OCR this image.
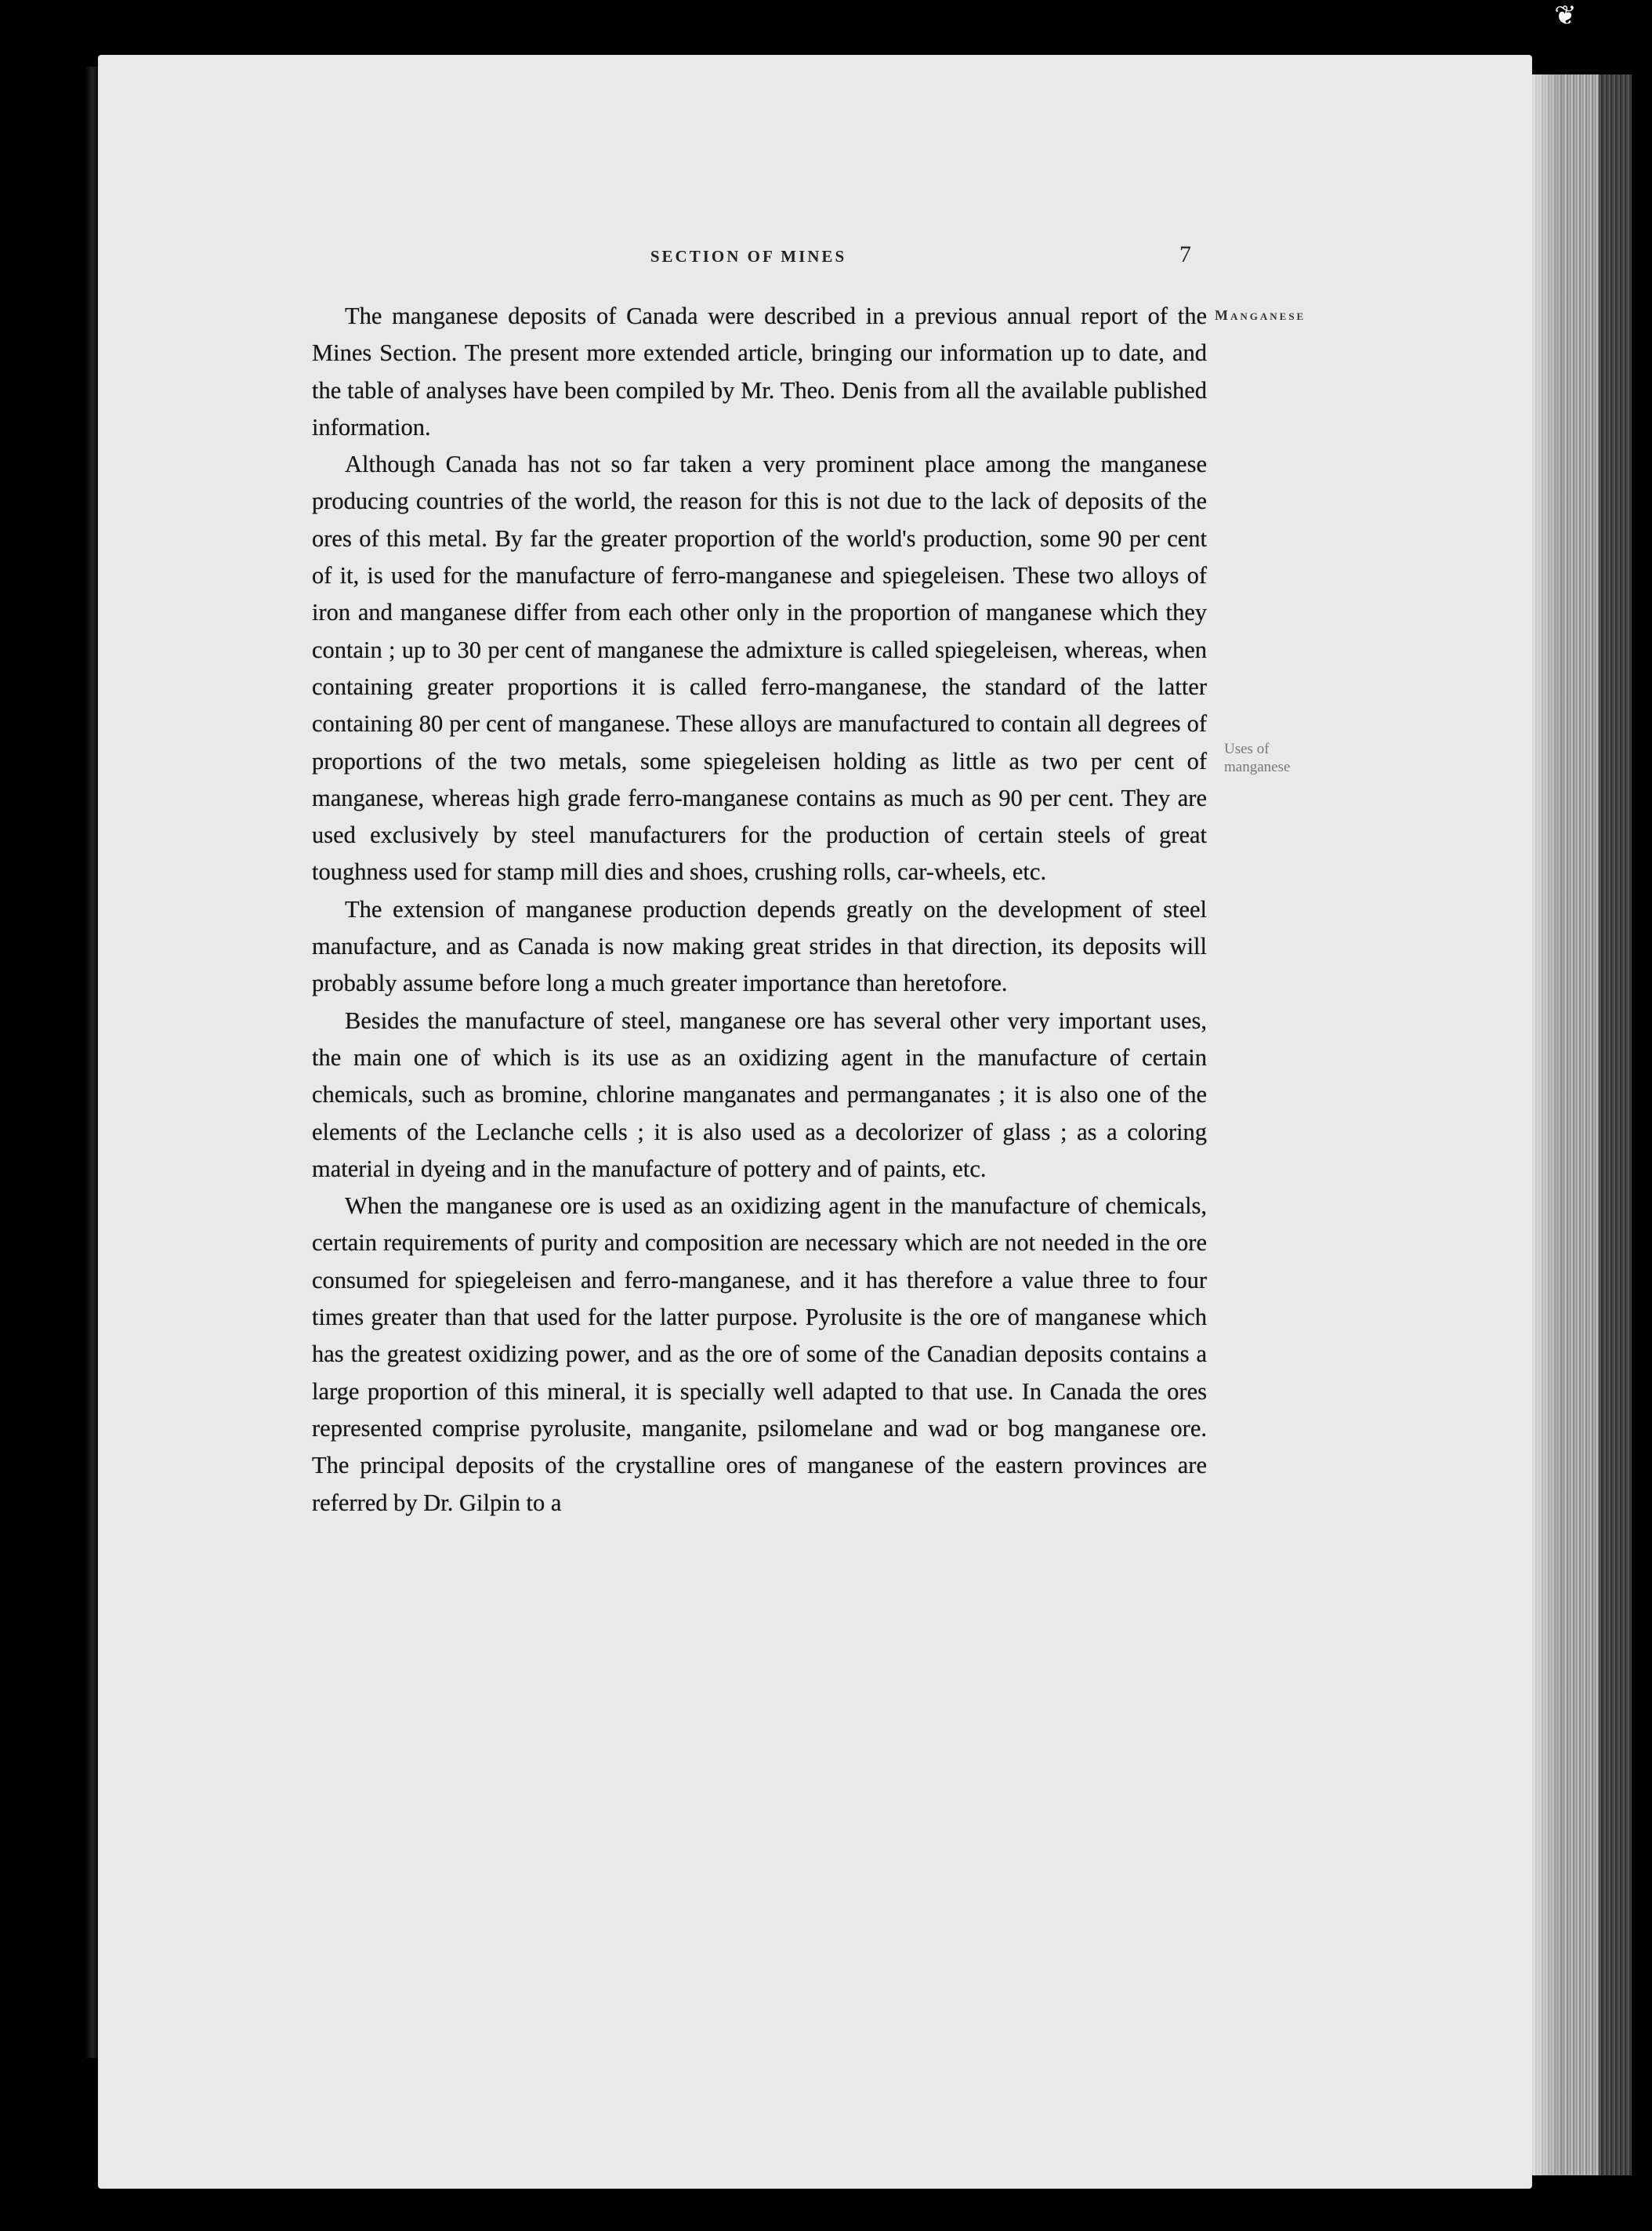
❦
SECTION OF MINES	7
Manganese
Uses of
manganese

The manganese deposits of Canada were described in a previous annual report of the Mines Section. The present more extended article, bringing our information up to date, and the table of analyses have been compiled by Mr. Theo. Denis from all the available published information.

Although Canada has not so far taken a very prominent place among the manganese producing countries of the world, the reason for this is not due to the lack of deposits of the ores of this metal. By far the greater proportion of the world's production, some 90 per cent of it, is used for the manufacture of ferro-manganese and spiegeleisen. These two alloys of iron and manganese differ from each other only in the proportion of manganese which they contain ; up to 30 per cent of manganese the admixture is called spiegeleisen, whereas, when containing greater proportions it is called ferro-manganese, the standard of the latter containing 80 per cent of manganese. These alloys are manufactured to contain all degrees of proportions of the two metals, some spiegeleisen holding as little as two per cent of manganese, whereas high grade ferro-manganese contains as much as 90 per cent. They are used exclusively by steel manufacturers for the production of certain steels of great toughness used for stamp mill dies and shoes, crushing rolls, car-wheels, etc.

The extension of manganese production depends greatly on the development of steel manufacture, and as Canada is now making great strides in that direction, its deposits will probably assume before long a much greater importance than heretofore.

Besides the manufacture of steel, manganese ore has several other very important uses, the main one of which is its use as an oxidizing agent in the manufacture of certain chemicals, such as bromine, chlorine manganates and permanganates ; it is also one of the elements of the Leclanche cells ; it is also used as a decolorizer of glass ; as a coloring material in dyeing and in the manufacture of pottery and of paints, etc.

When the manganese ore is used as an oxidizing agent in the manufacture of chemicals, certain requirements of purity and composition are necessary which are not needed in the ore consumed for spiegeleisen and ferro-manganese, and it has therefore a value three to four times greater than that used for the latter purpose. Pyrolusite is the ore of manganese which has the greatest oxidizing power, and as the ore of some of the Canadian deposits contains a large proportion of this mineral, it is specially well adapted to that use. In Canada the ores represented comprise pyrolusite, manganite, psilomelane and wad or bog manganese ore. The principal deposits of the crystalline ores of manganese of the eastern provinces are referred by Dr. Gilpin to a
